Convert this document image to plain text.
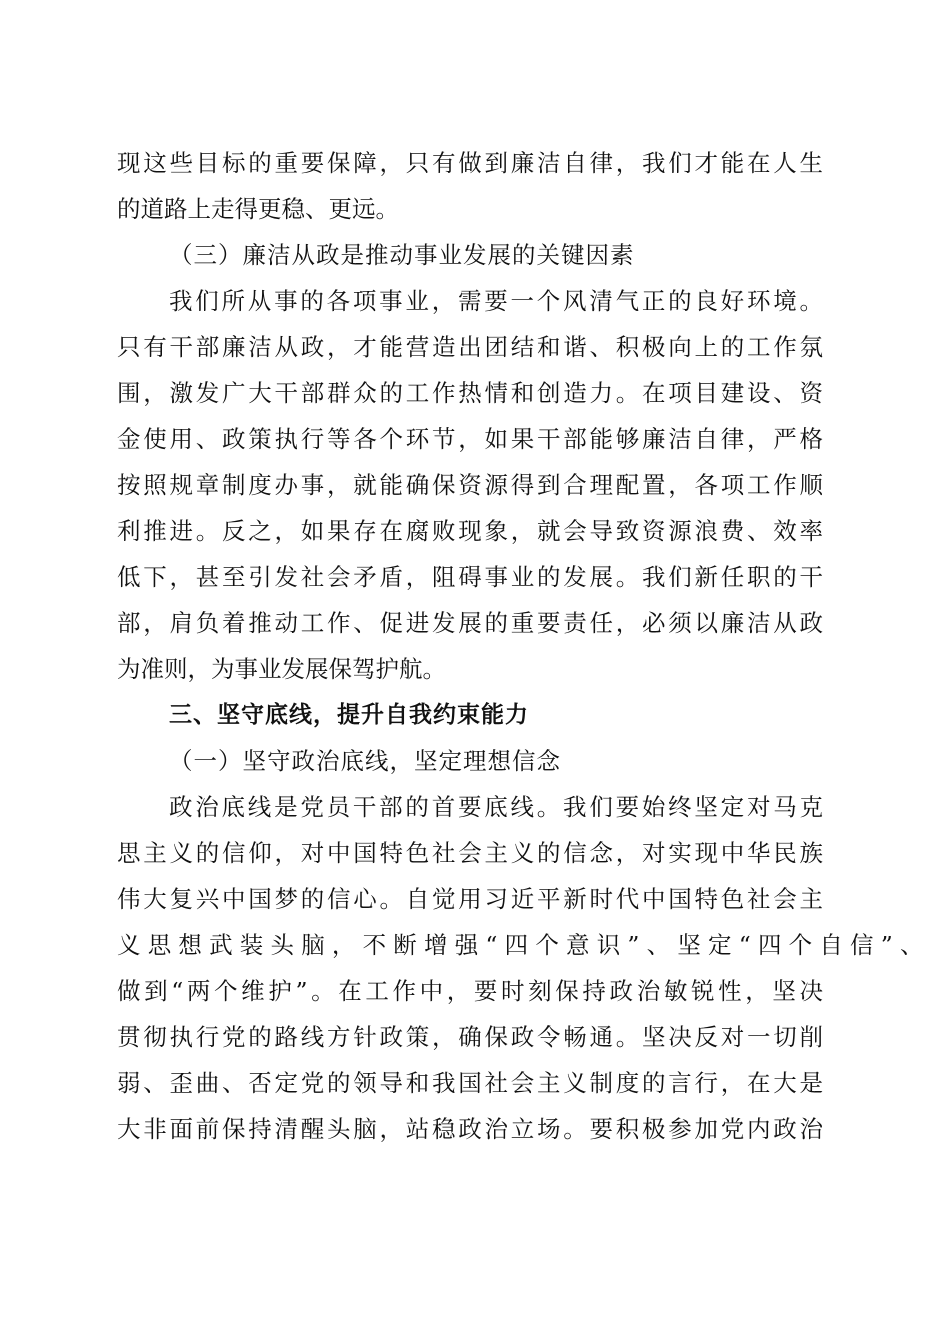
现这些目标的重要保障，只有做到廉洁自律，我们才能在人生
的道路上走得更稳、更远。
（三）廉洁从政是推动事业发展的关键因素
我们所从事的各项事业，需要一个风清气正的良好环境。
只有干部廉洁从政，才能营造出团结和谐、积极向上的工作氛
围，激发广大干部群众的工作热情和创造力。在项目建设、资
金使用、政策执行等各个环节，如果干部能够廉洁自律，严格
按照规章制度办事，就能确保资源得到合理配置，各项工作顺
利推进。反之，如果存在腐败现象，就会导致资源浪费、效率
低下，甚至引发社会矛盾，阻碍事业的发展。我们新任职的干
部，肩负着推动工作、促进发展的重要责任，必须以廉洁从政
为准则，为事业发展保驾护航。
三、坚守底线，提升自我约束能力
（一）坚守政治底线，坚定理想信念
政治底线是党员干部的首要底线。我们要始终坚定对马克
思主义的信仰，对中国特色社会主义的信念，对实现中华民族
伟大复兴中国梦的信心。自觉用习近平新时代中国特色社会主
义思想武装头脑，不断增强“四个意识”、坚定“四个自信”、
做到“两个维护”。在工作中，要时刻保持政治敏锐性，坚决
贯彻执行党的路线方针政策，确保政令畅通。坚决反对一切削
弱、歪曲、否定党的领导和我国社会主义制度的言行，在大是
大非面前保持清醒头脑，站稳政治立场。要积极参加党内政治
